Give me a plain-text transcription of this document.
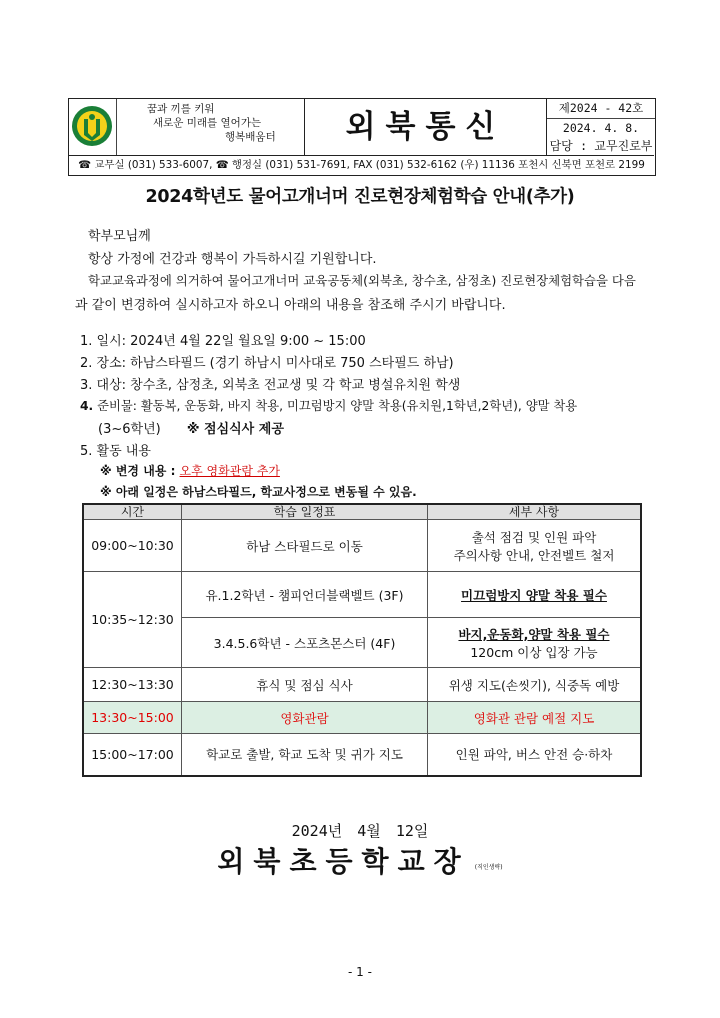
꿈과 끼를 키워
새로운 미래를 열어가는
행복배움터	외북통신
제2024 - 42호
2024. 4. 8.
담당 : 교무진로부
☎ 교무실 (031) 533-6007, ☎ 행정실 (031) 531-7691, FAX (031) 532-6162 (우) 11136 포천시 신북면 포천로 2199
2024학년도 물어고개너머 진로현장체험학습 안내(추가)
학부모님께
항상 가정에 건강과 행복이 가득하시길 기원합니다.
학교교육과정에 의거하여 물어고개너머 교육공동체(외북초, 창수초, 삼정초) 진로현장체험학습을 다음
과 같이 변경하여 실시하고자 하오니 아래의 내용을 참조해 주시기 바랍니다.
1. 일시: 2024년 4월 22일 월요일 9:00 ~ 15:00
2. 장소: 하남스타필드 (경기 하남시 미사대로 750 스타필드 하남)
3. 대상: 창수초, 삼정초, 외북초 전교생 및 각 학교 병설유치원 학생
4. 준비물: 활동복, 운동화, 바지 착용, 미끄럼방지 양말 착용(유치원,1학년,2학년), 양말 착용
(3~6학년) ※ 점심식사 제공
5. 활동 내용
※ 변경 내용 : 오후 영화관람 추가
※ 아래 일정은 하남스타필드, 학교사정으로 변동될 수 있음.
시간	학습 일정표	세부 사항
09:00~10:30	하남 스타필드로 이동	출석 점검 및 인원 파악
주의사항 안내, 안전벨트 철저

10:35~12:30	유.1.2학년 - 챔피언더블랙벨트 (3F)	미끄럼방지 양말 착용 필수
	3.4.5.6학년 - 스포츠몬스터 (4F)	바지,운동화,양말 착용 필수
120cm 이상 입장 가능

12:30~13:30	휴식 및 점심 식사	위생 지도(손씻기), 식중독 예방
13:30~15:00	영화관람	영화관 관람 예절 지도
15:00~17:00	학교로 출발, 학교 도착 및 귀가 지도	인원 파악, 버스 안전 승·하차
2024년 4월 12일
외북초등학교장 (직인생략)
- 1 -
